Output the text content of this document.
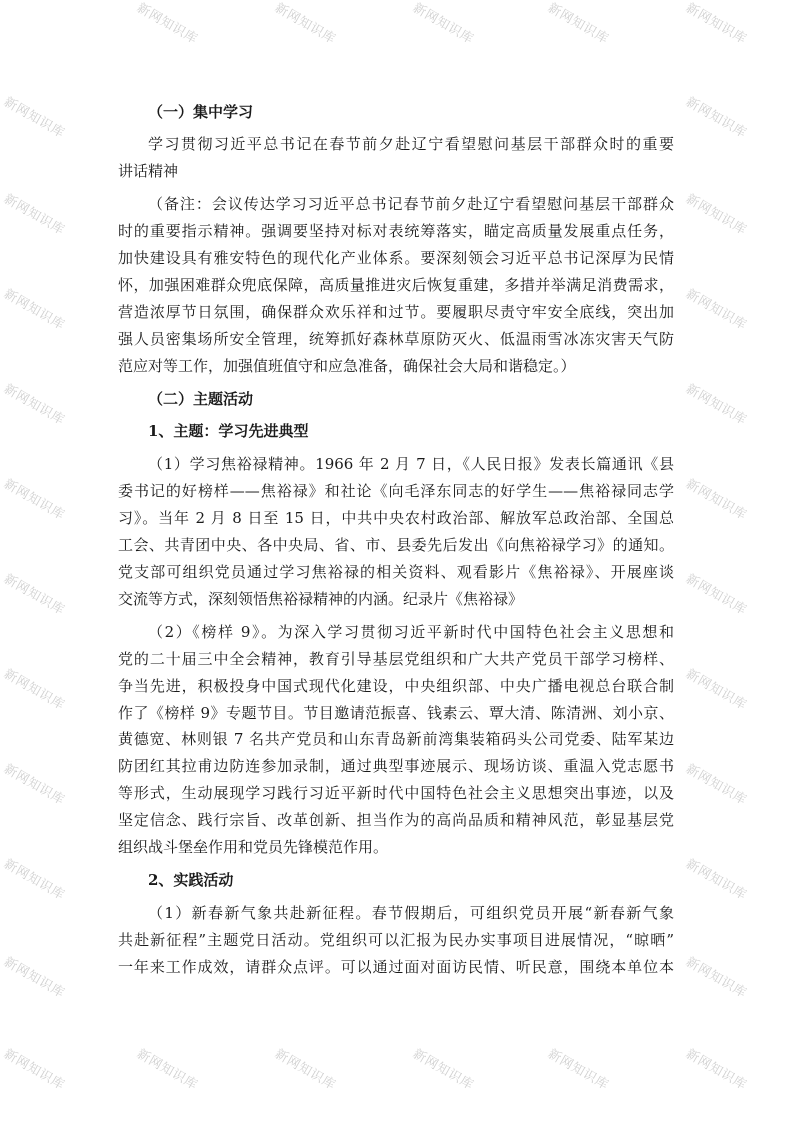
新网知识库	新网知识库	新网知识库	新网知识库	新网知识库
新网知识库	新网知识库
新网知识库	新网知识库
新网知识库	新网知识库
新网知识库	新网知识库
新网知识库	新网知识库
新网知识库	新网知识库
新网知识库	新网知识库
新网知识库	新网知识库
新网知识库	新网知识库
新网知识库	新网知识库
新网知识库	新网知识库	新网知识库	新网知识库	新网知识库	新网知识库
（一）集中学习
学习贯彻习近平总书记在春节前夕赴辽宁看望慰问基层干部群众时的重要
讲话精神
（备注：会议传达学习习近平总书记春节前夕赴辽宁看望慰问基层干部群众
时的重要指示精神。强调要坚持对标对表统筹落实，瞄定高质量发展重点任务，
加快建设具有雅安特色的现代化产业体系。要深刻领会习近平总书记深厚为民情
怀，加强困难群众兜底保障，高质量推进灾后恢复重建，多措并举满足消费需求，
营造浓厚节日氛围，确保群众欢乐祥和过节。要履职尽责守牢安全底线，突出加
强人员密集场所安全管理，统筹抓好森林草原防灭火、低温雨雪冰冻灾害天气防
范应对等工作，加强值班值守和应急准备，确保社会大局和谐稳定。）
（二）主题活动
1、主题：学习先进典型
（1）学习焦裕禄精神。1966 年 2 月 7 日，《人民日报》发表长篇通讯《县
委书记的好榜样——焦裕禄》和社论《向毛泽东同志的好学生——焦裕禄同志学
习》。当年 2 月 8 日至 15 日，中共中央农村政治部、解放军总政治部、全国总
工会、共青团中央、各中央局、省、市、县委先后发出《向焦裕禄学习》的通知。
党支部可组织党员通过学习焦裕禄的相关资料、观看影片《焦裕禄》、开展座谈
交流等方式，深刻领悟焦裕禄精神的内涵。纪录片《焦裕禄》
（2）《榜样 9》。为深入学习贯彻习近平新时代中国特色社会主义思想和
党的二十届三中全会精神，教育引导基层党组织和广大共产党员干部学习榜样、
争当先进，积极投身中国式现代化建设，中央组织部、中央广播电视总台联合制
作了《榜样 9》专题节目。节目邀请范振喜、钱素云、覃大清、陈清洲、刘小京、
黄德宽、林则银 7 名共产党员和山东青岛新前湾集装箱码头公司党委、陆军某边
防团红其拉甫边防连参加录制，通过典型事迹展示、现场访谈、重温入党志愿书
等形式，生动展现学习践行习近平新时代中国特色社会主义思想突出事迹，以及
坚定信念、践行宗旨、改革创新、担当作为的高尚品质和精神风范，彰显基层党
组织战斗堡垒作用和党员先锋模范作用。
2、实践活动
（1）新春新气象共赴新征程。春节假期后，可组织党员开展“新春新气象
共赴新征程”主题党日活动。党组织可以汇报为民办实事项目进展情况，“晾晒”
一年来工作成效，请群众点评。可以通过面对面访民情、听民意，围绕本单位本
